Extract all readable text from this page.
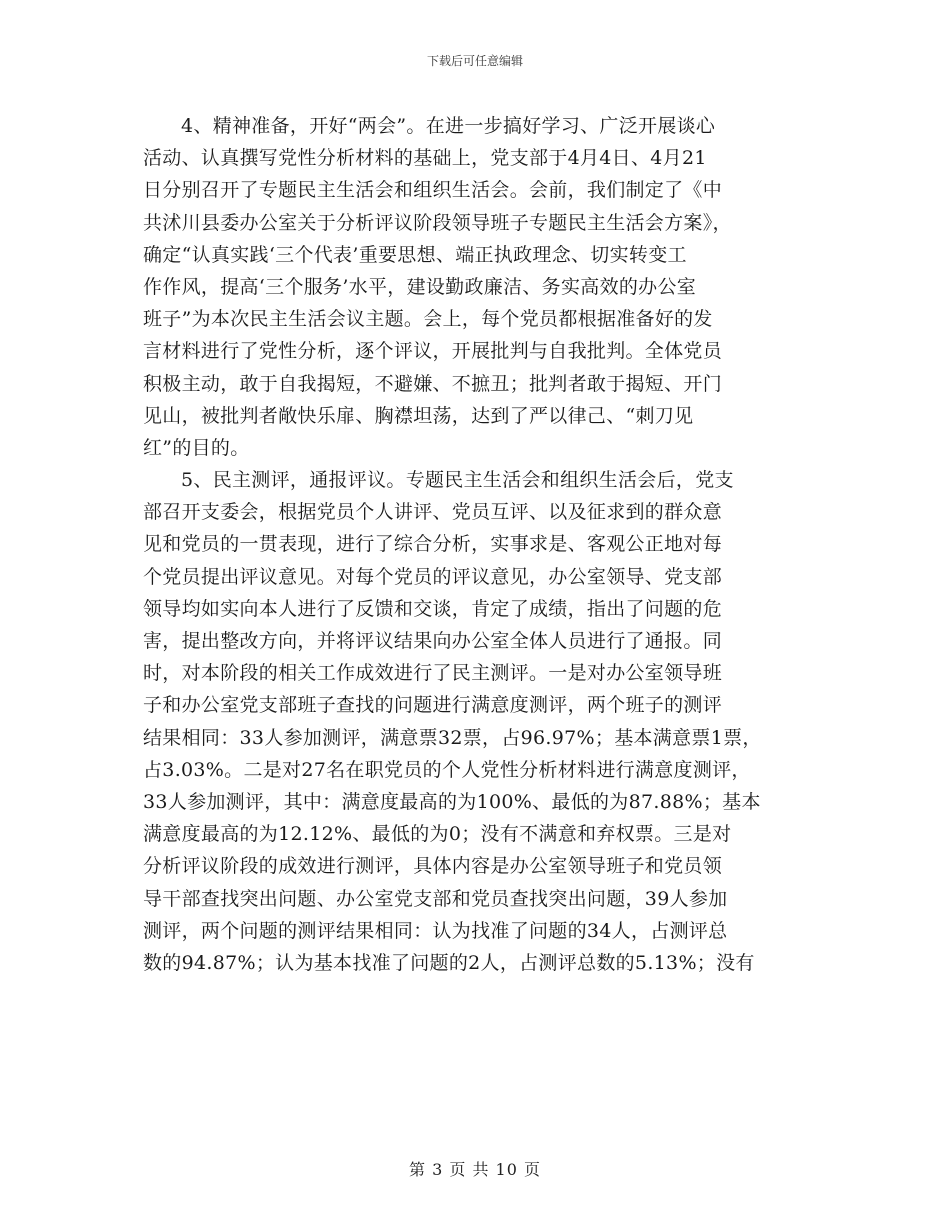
下载后可任意编辑
4、精神准备，开好“两会”。在进一步搞好学习、广泛开展谈心
活动、认真撰写党性分析材料的基础上，党支部于4月4日、4月21
日分别召开了专题民主生活会和组织生活会。会前，我们制定了《中
共沭川县委办公室关于分析评议阶段领导班子专题民主生活会方案》，
确定“认真实践‘三个代表’重要思想、端正执政理念、切实转变工
作作风，提高‘三个服务’水平，建设勤政廉洁、务实高效的办公室
班子”为本次民主生活会议主题。会上，每个党员都根据准备好的发
言材料进行了党性分析，逐个评议，开展批判与自我批判。全体党员
积极主动，敢于自我揭短，不避嫌、不摭丑；批判者敢于揭短、开门
见山，被批判者敞快乐扉、胸襟坦荡，达到了严以律己、“刺刀见
红”的目的。
5、民主测评，通报评议。专题民主生活会和组织生活会后，党支
部召开支委会，根据党员个人讲评、党员互评、以及征求到的群众意
见和党员的一贯表现，进行了综合分析，实事求是、客观公正地对每
个党员提出评议意见。对每个党员的评议意见，办公室领导、党支部
领导均如实向本人进行了反馈和交谈，肯定了成绩，指出了问题的危
害，提出整改方向，并将评议结果向办公室全体人员进行了通报。同
时，对本阶段的相关工作成效进行了民主测评。一是对办公室领导班
子和办公室党支部班子查找的问题进行满意度测评，两个班子的测评
结果相同：33人参加测评，满意票32票，占96.97%；基本满意票1票，
占3.03%。二是对27名在职党员的个人党性分析材料进行满意度测评，
33人参加测评，其中：满意度最高的为100%、最低的为87.88%；基本
满意度最高的为12.12%、最低的为0；没有不满意和弃权票。三是对
分析评议阶段的成效进行测评，具体内容是办公室领导班子和党员领
导干部查找突出问题、办公室党支部和党员查找突出问题，39人参加
测评，两个问题的测评结果相同：认为找准了问题的34人，占测评总
数的94.87%；认为基本找准了问题的2人，占测评总数的5.13%；没有
第 3 页 共 10 页
